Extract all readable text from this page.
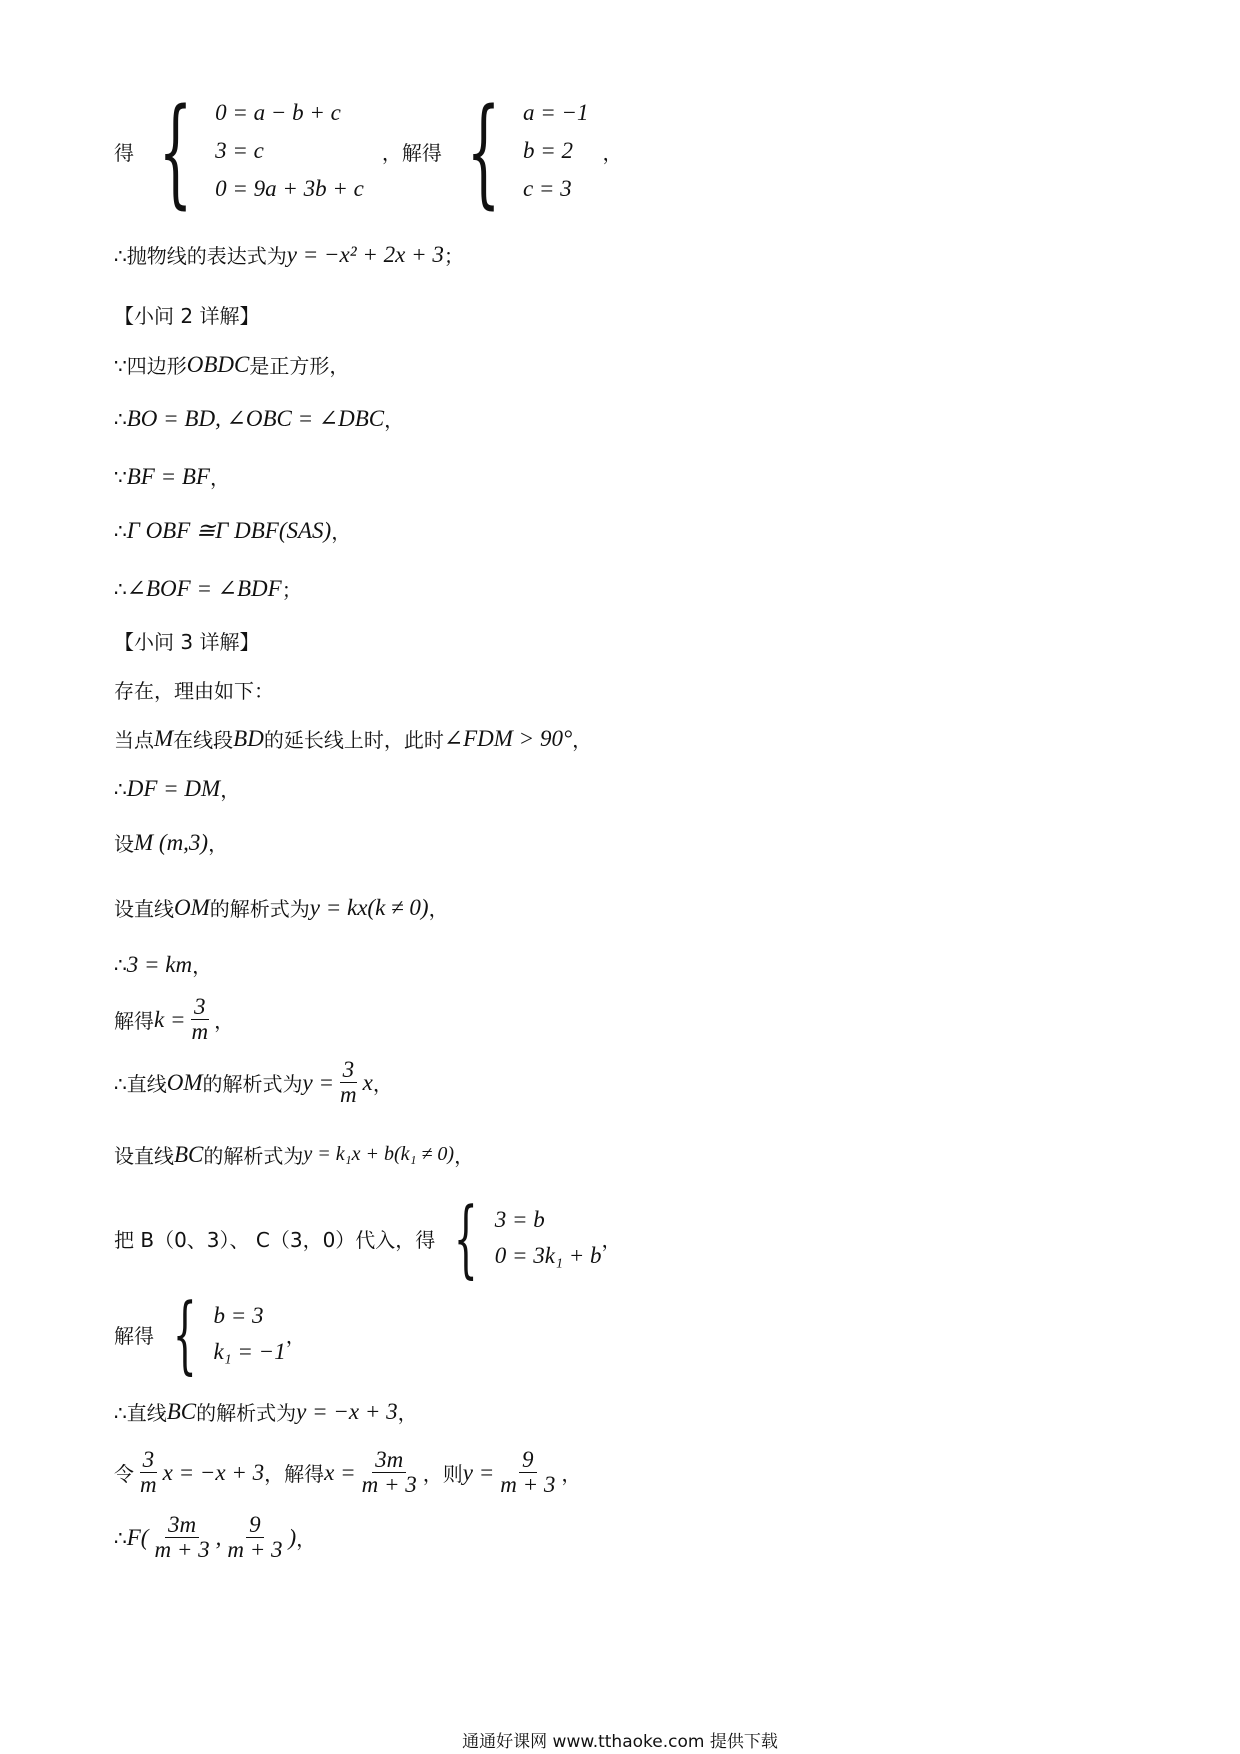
得 { 0 = a − b + c
3 = c
0 = 9a + 3b + c
，解得 { a = −1
b = 2
c = 3
，
∴抛物线的表达式为 y = −x² + 2x + 3 ；
【小问 2 详解】
∵四边形 OBDC 是正方形，
∴ BO = BD, ∠OBC = ∠DBC ，
∵ BF = BF ，
∴ Γ OBF ≅Γ DBF(SAS) ，
∴ ∠BOF = ∠BDF ；
【小问 3 详解】
存在，理由如下：
当点 M 在线段 BD 的延长线上时，此时 ∠FDM > 90° ，
∴ DF = DM ，
设 M (m,3) ，
设直线 OM 的解析式为 y = kx(k ≠ 0) ，
∴ 3 = km ，
解得 $k = \frac{3}{m}$ ，
∴直线 OM 的解析式为 $y = \frac{3}{m}$ x ，
设直线 BC 的解析式为 y = k₁x + b(k₁ ≠ 0) ，
把 B（0、3）、 C（3，0）代入，得 { 3 = b
0 = 3k₁ + b
，
解得 { b = 3
k₁ = −1
，
∴直线 BC 的解析式为 y = −x + 3 ，
令 $\frac{3}{m}$ x = −x + 3 ，解得 $x = \frac{3m}{m + 3}$ ，则 $y = \frac{9}{m + 3}$ ，
∴ $F( \frac{3m}{m + 3}$ , $\frac{9}{m + 3}$ ) ，
通通好课网 www.tthaoke.com 提供下载
